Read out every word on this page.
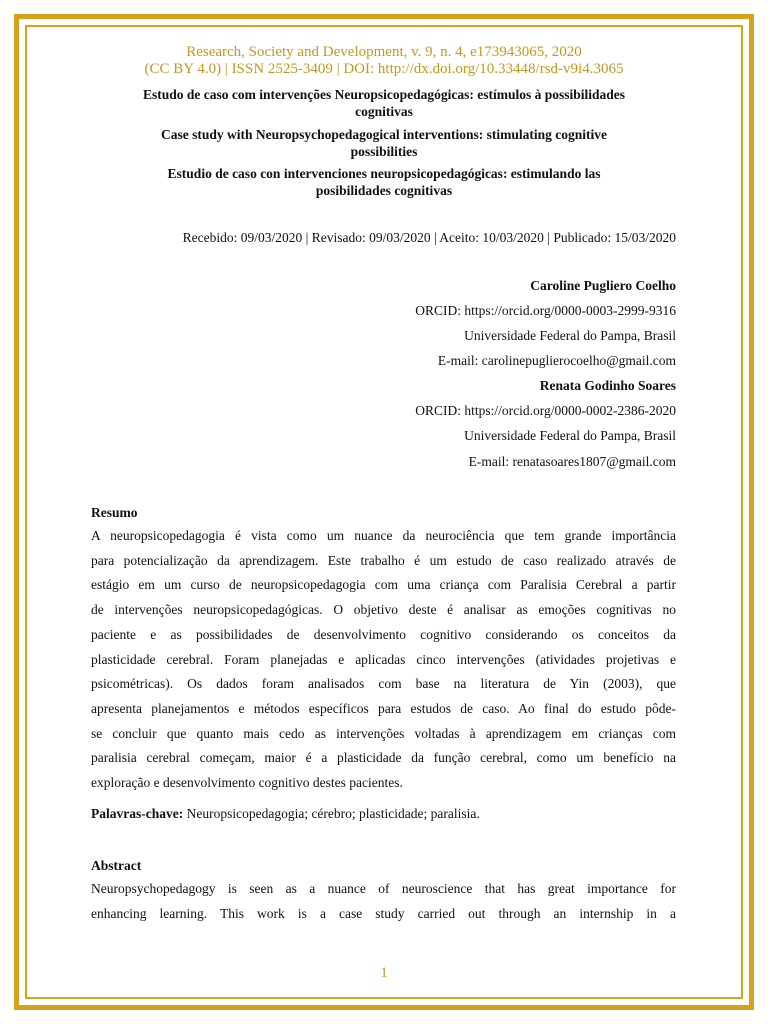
Research, Society and Development, v. 9, n. 4, e173943065, 2020
(CC BY 4.0) | ISSN 2525-3409 | DOI: http://dx.doi.org/10.33448/rsd-v9i4.3065
Estudo de caso com intervenções Neuropsicopedagógicas: estímulos à possibilidades
cognitivas
Case study with Neuropsychopedagogical interventions: stimulating cognitive
possibilities
Estudio de caso con intervenciones neuropsicopedagógicas: estimulando las
posibilidades cognitivas
Recebido: 09/03/2020 | Revisado: 09/03/2020 | Aceito: 10/03/2020 | Publicado: 15/03/2020
Caroline Pugliero Coelho
ORCID: https://orcid.org/0000-0003-2999-9316
Universidade Federal do Pampa, Brasil
E-mail: carolinepuglierocoelho@gmail.com
Renata Godinho Soares
ORCID: https://orcid.org/0000-0002-2386-2020
Universidade Federal do Pampa, Brasil
E-mail: renatasoares1807@gmail.com
Resumo
A neuropsicopedagogia é vista como um nuance da neurociência que tem grande importância
para potencialização da aprendizagem. Este trabalho é um estudo de caso realizado através de
estágio em um curso de neuropsicopedagogia com uma criança com Paralisia Cerebral a partir
de intervenções neuropsicopedagógicas. O objetivo deste é analisar as emoções cognitivas no
paciente e as possibilidades de desenvolvimento cognitivo considerando os conceitos da
plasticidade cerebral. Foram planejadas e aplicadas cinco intervenções (atividades projetivas e
psicométricas). Os dados foram analisados com base na literatura de Yin (2003), que
apresenta planejamentos e métodos específicos para estudos de caso. Ao final do estudo pôde-
se concluir que quanto mais cedo as intervenções voltadas à aprendizagem em crianças com
paralisia cerebral começam, maior é a plasticidade da função cerebral, como um benefício na
exploração e desenvolvimento cognitivo destes pacientes.
Palavras-chave: Neuropsicopedagogia; cérebro; plasticidade; paralisia.
Abstract
Neuropsychopedagogy is seen as a nuance of neuroscience that has great importance for
enhancing learning. This work is a case study carried out through an internship in a
1
